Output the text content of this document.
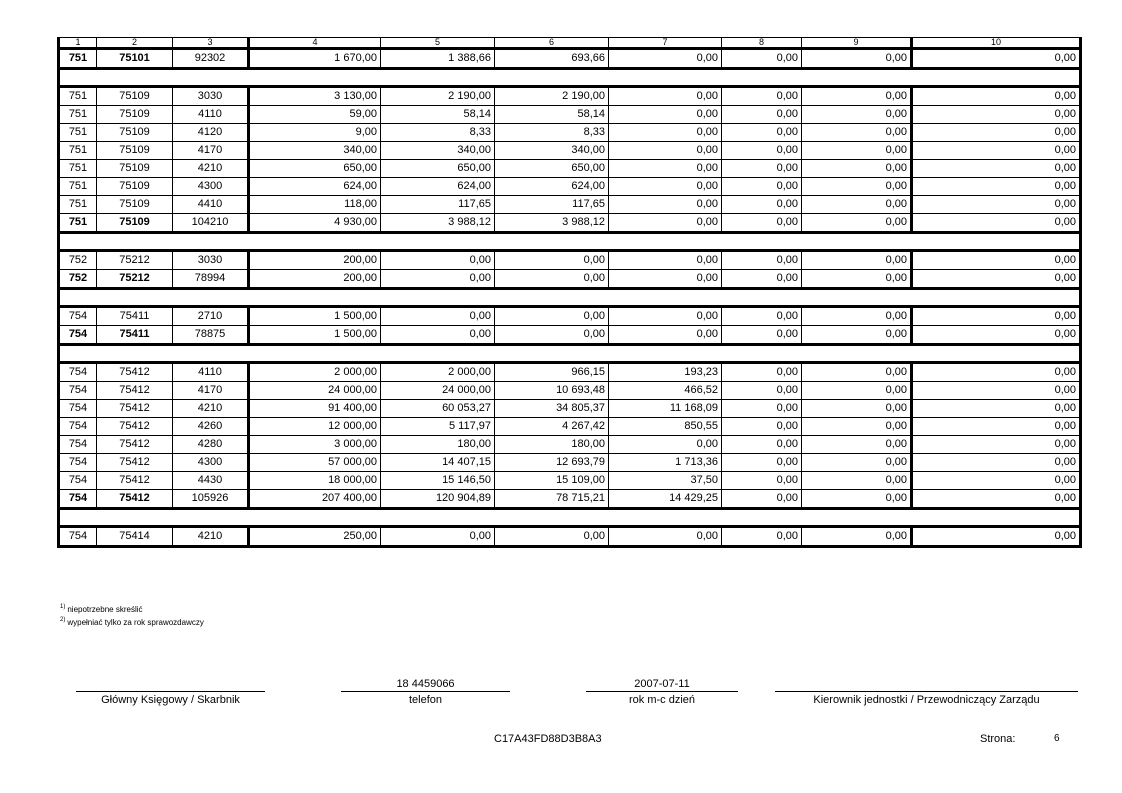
1	2	3	4	5	6	7	8	9	10
751	75101	92302	1 670,00	1 388,66	693,66	0,00	0,00	0,00	0,00

751	75109	3030	3 130,00	2 190,00	2 190,00	0,00	0,00	0,00	0,00
751	75109	4110	59,00	58,14	58,14	0,00	0,00	0,00	0,00
751	75109	4120	9,00	8,33	8,33	0,00	0,00	0,00	0,00
751	75109	4170	340,00	340,00	340,00	0,00	0,00	0,00	0,00
751	75109	4210	650,00	650,00	650,00	0,00	0,00	0,00	0,00
751	75109	4300	624,00	624,00	624,00	0,00	0,00	0,00	0,00
751	75109	4410	118,00	117,65	117,65	0,00	0,00	0,00	0,00
751	75109	104210	4 930,00	3 988,12	3 988,12	0,00	0,00	0,00	0,00

752	75212	3030	200,00	0,00	0,00	0,00	0,00	0,00	0,00
752	75212	78994	200,00	0,00	0,00	0,00	0,00	0,00	0,00

754	75411	2710	1 500,00	0,00	0,00	0,00	0,00	0,00	0,00
754	75411	78875	1 500,00	0,00	0,00	0,00	0,00	0,00	0,00

754	75412	4110	2 000,00	2 000,00	966,15	193,23	0,00	0,00	0,00
754	75412	4170	24 000,00	24 000,00	10 693,48	466,52	0,00	0,00	0,00
754	75412	4210	91 400,00	60 053,27	34 805,37	11 168,09	0,00	0,00	0,00
754	75412	4260	12 000,00	5 117,97	4 267,42	850,55	0,00	0,00	0,00
754	75412	4280	3 000,00	180,00	180,00	0,00	0,00	0,00	0,00
754	75412	4300	57 000,00	14 407,15	12 693,79	1 713,36	0,00	0,00	0,00
754	75412	4430	18 000,00	15 146,50	15 109,00	37,50	0,00	0,00	0,00
754	75412	105926	207 400,00	120 904,89	78 715,21	14 429,25	0,00	0,00	0,00

754	75414	4210	250,00	0,00	0,00	0,00	0,00	0,00	0,00
$^{1)}$ niepotrzebne skreślić
$^{2)}$ wypełniać tylko za rok sprawozdawczy
Główny Księgowy / Skarbnik
18 4459066
telefon
2007-07-11
rok m-c dzień	Kierownik jednostki / Przewodniczący Zarządu
C17A43FD88D3B8A3	Strona:	6
